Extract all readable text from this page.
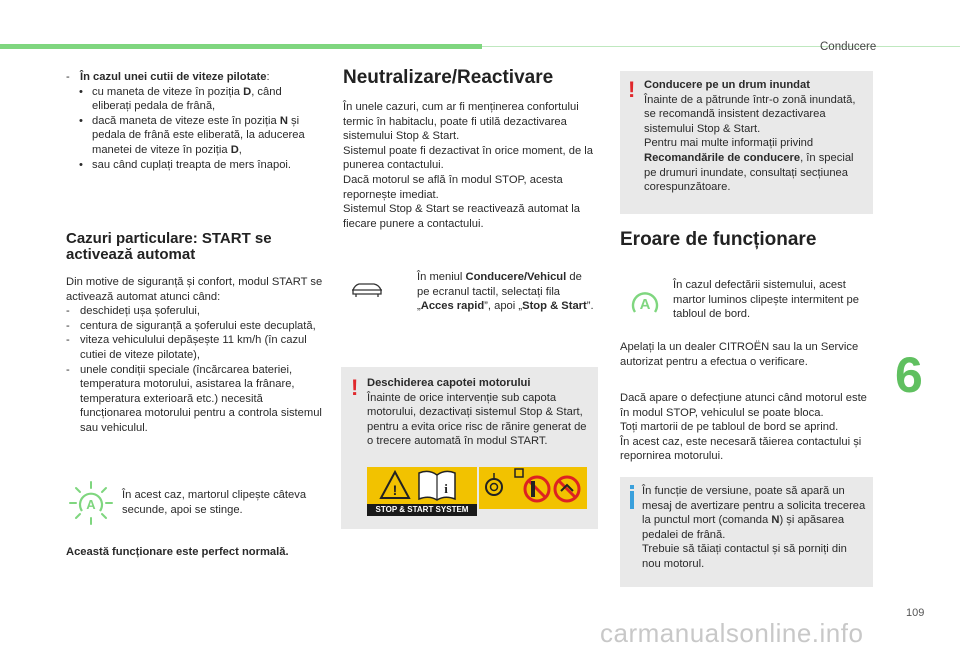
Conducere
6
109
carmanualsonline.info
- În cazul unei cutii de viteze pilotate:
• cu maneta de viteze în poziția D, când eliberați pedala de frână,
• dacă maneta de viteze este în poziția N și pedala de frână este eliberată, la aducerea manetei de viteze în poziția D,
• sau când cuplați treapta de mers înapoi.
Cazuri particulare: START se activează automat

Din motive de siguranță și confort, modul START se activează automat atunci când:

- deschideți ușa șoferului,
- centura de siguranță a șoferului este decuplată,
- viteza vehiculului depășește 11 km/h (în cazul cutiei de viteze pilotate),
- unele condiții speciale (încărcarea bateriei, temperatura motorului, asistarea la frânare, temperatura exterioară etc.) necesită funcționarea motorului pentru a controla sistemul sau vehiculul.
A
În acest caz, martorul clipește câteva secunde, apoi se stinge.
Această funcționare este perfect normală.
Neutralizare/Reactivare

În unele cazuri, cum ar fi menținerea confortului termic în habitaclu, poate fi utilă dezactivarea sistemului Stop & Start.

Sistemul poate fi dezactivat în orice moment, de la punerea contactului.

Dacă motorul se află în modul STOP, acesta repornește imediat.

Sistemul Stop & Start se reactivează automat la fiecare punere a contactului.

În meniul Conducere/Vehicul de pe ecranul tactil, selectați fila „Acces rapid”, apoi „Stop & Start”.
! Deschiderea capotei motorului

Înainte de orice intervenție sub capota motorului, dezactivați sistemul Stop & Start, pentru a evita orice risc de rănire generat de o trecere automată în modul START.

!	i
STOP & START SYSTEM
! Conducere pe un drum inundat

Înainte de a pătrunde într-o zonă inundată, se recomandă insistent dezactivarea sistemului Stop & Start.

Pentru mai multe informații privind Recomandările de conducere, în special pe drumuri inundate, consultați secțiunea corespunzătoare.

Eroare de funcționare
A
În cazul defectării sistemului, acest martor luminos clipește intermitent pe tabloul de bord.
Apelați la un dealer CITROËN sau la un Service autorizat pentru a efectua o verificare.

Dacă apare o defecțiune atunci când motorul este în modul STOP, vehiculul se poate bloca.

Toți martorii de pe tabloul de bord se aprind.

În acest caz, este necesară tăierea contactului și repornirea motorului.

În funcție de versiune, poate să apară un mesaj de avertizare pentru a solicita trecerea la punctul mort (comanda N) și apăsarea pedalei de frână.

Trebuie să tăiați contactul și să porniți din nou motorul.
